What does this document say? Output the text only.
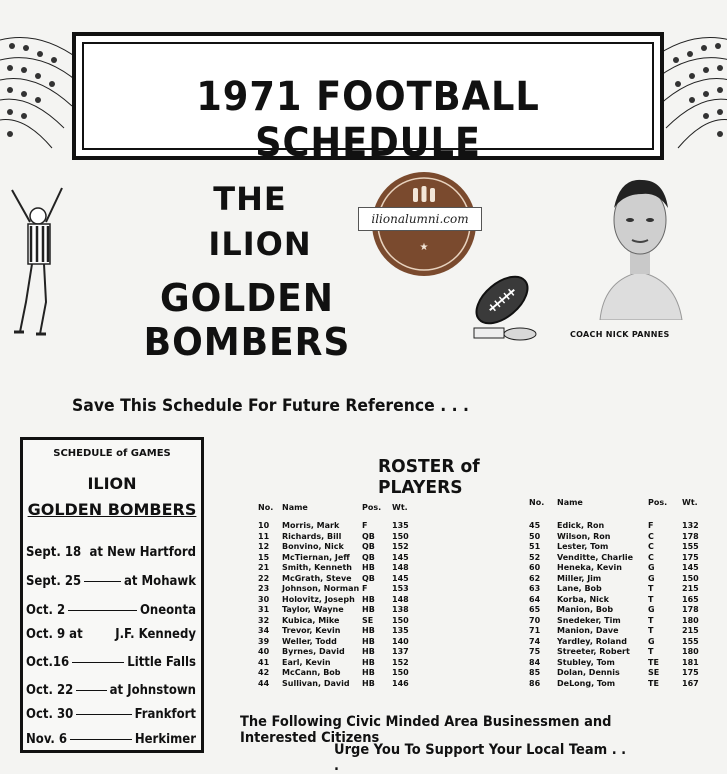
1971 FOOTBALL SCHEDULE
THE
ILION
GOLDEN BOMBERS
★
ilionalumni.com
COACH NICK PANNES
Save This Schedule For Future Reference . . .
SCHEDULE of GAMES
ILION
GOLDEN BOMBERS
Sept. 18 at New Hartford
Sept. 25	at Mohawk
Oct. 2	Oneonta
Oct. 9 at	J.F. Kennedy
Oct.16	Little Falls
Oct. 22	at Johnstown
Oct. 30	Frankfort
Nov. 6	Herkimer
ROSTER of PLAYERS
No. Name	Pos. Wt.
10 Morris, Mark	F	135
11 Richards, Bill	QB 150
12 Bonvino, Nick QB 152
15 McTiernan, Jeff QB 145
21 Smith, Kenneth HB 148
22 McGrath, Steve QB 145
23 Johnson, Norman F	153
30 Holovitz, Joseph HB 148
31 Taylor, Wayne HB 138
32 Kubica, Mike	SE 150
34 Trevor, Kevin	HB 135
39 Weller, Todd	HB 140
40 Byrnes, David HB 137
41 Earl, Kevin	HB 152
42 McCann, Bob	HB 150
44 Sullivan, David HB 146
No. Name	Pos. Wt.
45 Edick, Ron	F	132
50 Wilson, Ron	C	178
51 Lester, Tom	C	155
52 Venditte, Charlie C	175
60 Heneka, Kevin	G	145
62 Miller, Jim	G	150
63 Lane, Bob	T	215
64 Korba, Nick	T	165
65 Manion, Bob	G	178
70 Snedeker, Tim	T	180
71 Manion, Dave	T	215
74 Yardley, Roland	G	155
75 Streeter, Robert T	180
84 Stubley, Tom	TE	181
85 Dolan, Dennis	SE	175
86 DeLong, Tom	TE	167
The Following Civic Minded Area Businessmen and Interested Citizens
Urge You To Support Your Local Team . . .
